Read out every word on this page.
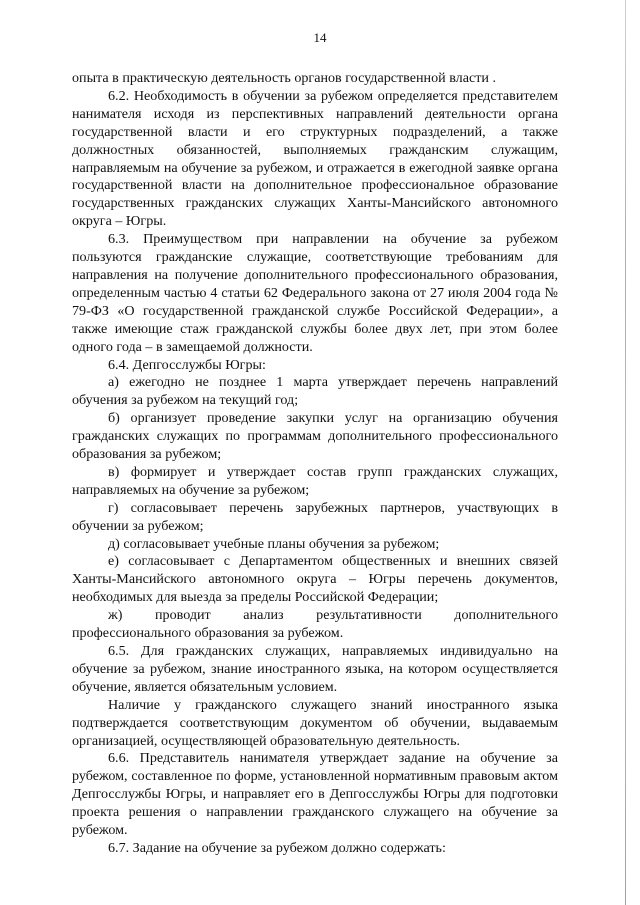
14

опыта в практическую деятельность органов государственной власти .

6.2. Необходимость в обучении за рубежом определяется представителем нанимателя исходя из перспективных направлений деятельности органа государственной власти и его структурных подразделений, а также должностных обязанностей, выполняемых гражданским служащим, направляемым на обучение за рубежом, и отражается в ежегодной заявке органа государственной власти на дополнительное профессиональное образование государственных гражданских служащих Ханты-Мансийского автономного округа – Югры.

6.3. Преимуществом при направлении на обучение за рубежом пользуются гражданские служащие, соответствующие требованиям для направления на получение дополнительного профессионального образования, определенным частью 4 статьи 62 Федерального закона от 27 июля 2004 года № 79-ФЗ «О государственной гражданской службе Российской Федерации», а также имеющие стаж гражданской службы более двух лет, при этом более одного года – в замещаемой должности.

6.4. Депгосслужбы Югры:

а) ежегодно не позднее 1 марта утверждает перечень направлений обучения за рубежом на текущий год;

б) организует проведение закупки услуг на организацию обучения гражданских служащих по программам дополнительного профессионального образования за рубежом;

в) формирует и утверждает состав групп гражданских служащих, направляемых на обучение за рубежом;

г) согласовывает перечень зарубежных партнеров, участвующих в обучении за рубежом;

д) согласовывает учебные планы обучения за рубежом;

е) согласовывает с Департаментом общественных и внешних связей Ханты-Мансийского автономного округа – Югры перечень документов, необходимых для выезда за пределы Российской Федерации;

ж) проводит анализ результативности дополнительного профессионального образования за рубежом.

6.5. Для гражданских служащих, направляемых индивидуально на обучение за рубежом, знание иностранного языка, на котором осуществляется обучение, является обязательным условием.

Наличие у гражданского служащего знаний иностранного языка подтверждается соответствующим документом об обучении, выдаваемым организацией, осуществляющей образовательную деятельность.

6.6. Представитель нанимателя утверждает задание на обучение за рубежом, составленное по форме, установленной нормативным правовым актом Депгосслужбы Югры, и направляет его в Депгосслужбы Югры для подготовки проекта решения о направлении гражданского служащего на обучение за рубежом.

6.7. Задание на обучение за рубежом должно содержать:
